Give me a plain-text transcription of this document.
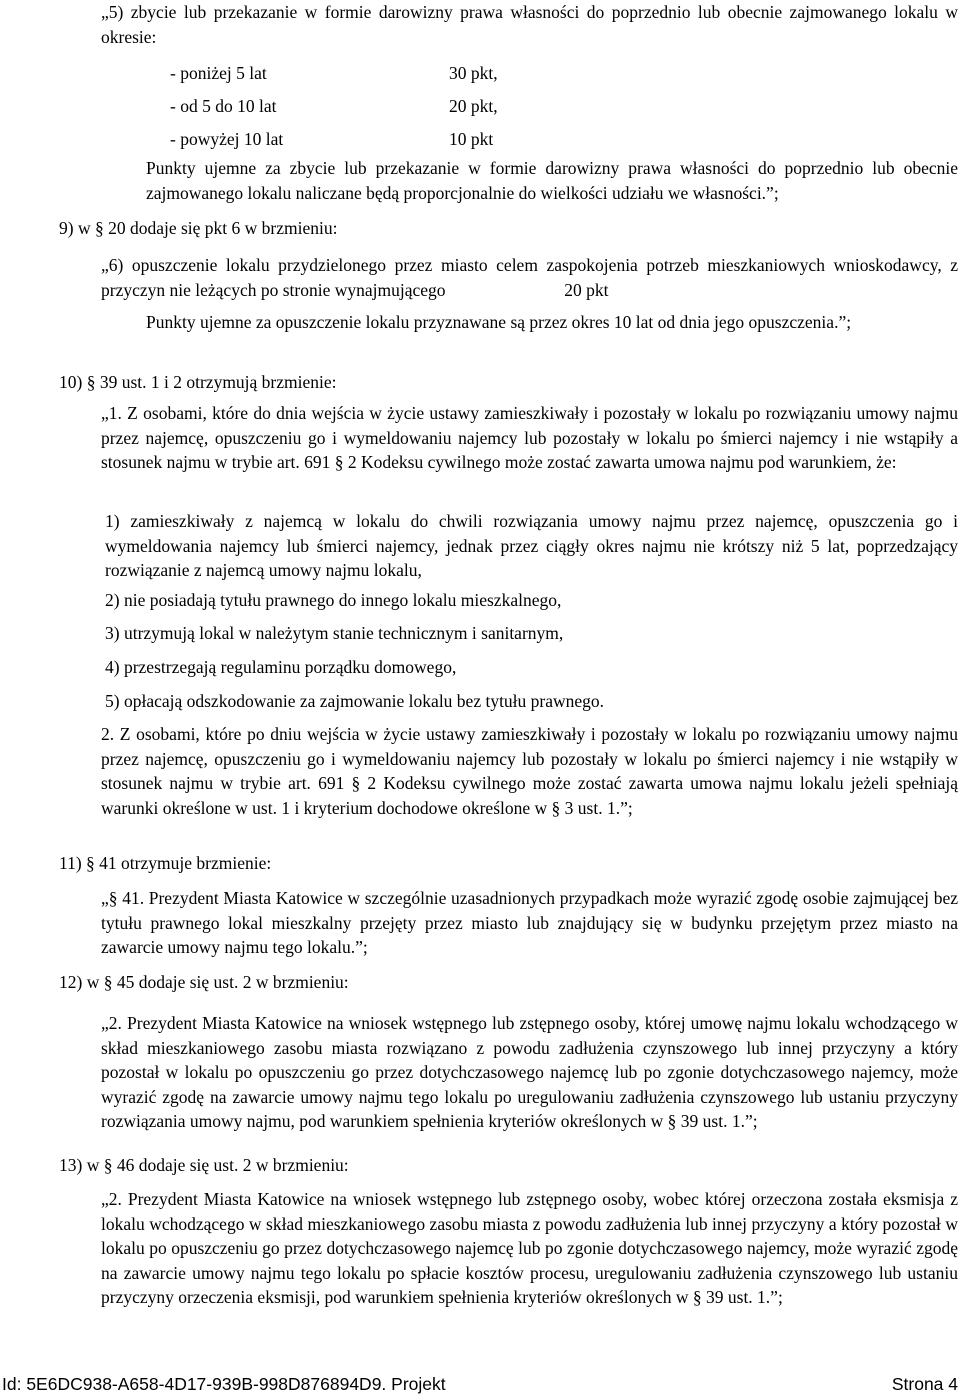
„5) zbycie lub przekazanie w formie darowizny prawa własności do poprzednio lub obecnie zajmowanego lokalu w okresie:

- poniżej 5 lat	30 pkt,
- od 5 do 10 lat	20 pkt,
- powyżej 10 lat	10 pkt

Punkty ujemne za zbycie lub przekazanie w formie darowizny prawa własności do poprzednio lub obecnie zajmowanego lokalu naliczane będą proporcjonalnie do wielkości udziału we własności.”;

9) w § 20 dodaje się pkt 6 w brzmieniu:

„6) opuszczenie lokalu przydzielonego przez miasto celem zaspokojenia potrzeb mieszkaniowych wnioskodawcy, z przyczyn nie leżących po stronie wynajmującego	20 pkt

Punkty ujemne za opuszczenie lokalu przyznawane są przez okres 10 lat od dnia jego opuszczenia.”;

10) § 39 ust. 1 i 2 otrzymują brzmienie:

„1. Z osobami, które do dnia wejścia w życie ustawy zamieszkiwały i pozostały w lokalu po rozwiązaniu umowy najmu przez najemcę, opuszczeniu go i wymeldowaniu najemcy lub pozostały w lokalu po śmierci najemcy i nie wstąpiły a stosunek najmu w trybie art. 691 § 2 Kodeksu cywilnego może zostać zawarta umowa najmu pod warunkiem, że:

1) zamieszkiwały z najemcą w lokalu do chwili rozwiązania umowy najmu przez najemcę, opuszczenia go i wymeldowania najemcy lub śmierci najemcy, jednak przez ciągły okres najmu nie krótszy niż 5 lat, poprzedzający rozwiązanie z najemcą umowy najmu lokalu,

2) nie posiadają tytułu prawnego do innego lokalu mieszkalnego,

3) utrzymują lokal w należytym stanie technicznym i sanitarnym,

4) przestrzegają regulaminu porządku domowego,

5) opłacają odszkodowanie za zajmowanie lokalu bez tytułu prawnego.

2. Z osobami, które po dniu wejścia w życie ustawy zamieszkiwały i pozostały w lokalu po rozwiązaniu umowy najmu przez najemcę, opuszczeniu go i wymeldowaniu najemcy lub pozostały w lokalu po śmierci najemcy i nie wstąpiły w stosunek najmu w trybie art. 691 § 2 Kodeksu cywilnego może zostać zawarta umowa najmu lokalu jeżeli spełniają warunki określone w ust. 1 i kryterium dochodowe określone w § 3 ust. 1.”;

11) § 41 otrzymuje brzmienie:

„§ 41. Prezydent Miasta Katowice w szczególnie uzasadnionych przypadkach może wyrazić zgodę osobie zajmującej bez tytułu prawnego lokal mieszkalny przejęty przez miasto lub znajdujący się w budynku przejętym przez miasto na zawarcie umowy najmu tego lokalu.”;

12) w § 45 dodaje się ust. 2 w brzmieniu:

„2. Prezydent Miasta Katowice na wniosek wstępnego lub zstępnego osoby, której umowę najmu lokalu wchodzącego w skład mieszkaniowego zasobu miasta rozwiązano z powodu zadłużenia czynszowego lub innej przyczyny a który pozostał w lokalu po opuszczeniu go przez dotychczasowego najemcę lub po zgonie dotychczasowego najemcy, może wyrazić zgodę na zawarcie umowy najmu tego lokalu po uregulowaniu zadłużenia czynszowego lub ustaniu przyczyny rozwiązania umowy najmu, pod warunkiem spełnienia kryteriów określonych w § 39 ust. 1.”;

13) w § 46 dodaje się ust. 2 w brzmieniu:

„2. Prezydent Miasta Katowice na wniosek wstępnego lub zstępnego osoby, wobec której orzeczona została eksmisja z lokalu wchodzącego w skład mieszkaniowego zasobu miasta z powodu zadłużenia lub innej przyczyny a który pozostał w lokalu po opuszczeniu go przez dotychczasowego najemcę lub po zgonie dotychczasowego najemcy, może wyrazić zgodę na zawarcie umowy najmu tego lokalu po spłacie kosztów procesu, uregulowaniu zadłużenia czynszowego lub ustaniu przyczyny orzeczenia eksmisji, pod warunkiem spełnienia kryteriów określonych w § 39 ust. 1.”;

Id: 5E6DC938-A658-4D17-939B-998D876894D9. Projekt	Strona 4
